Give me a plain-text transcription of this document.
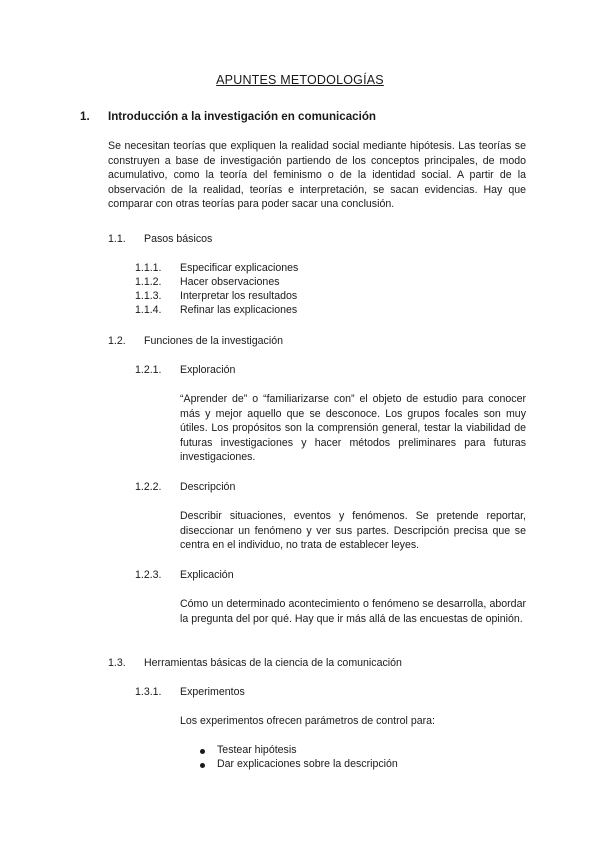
APUNTES METODOLOGÍAS
1. Introducción a la investigación en comunicación
Se necesitan teorías que expliquen la realidad social mediante hipótesis. Las teorías se construyen a base de investigación partiendo de los conceptos principales, de modo acumulativo, como la teoría del feminismo o de la identidad social. A partir de la observación de la realidad, teorías e interpretación, se sacan evidencias. Hay que comparar con otras teorías para poder sacar una conclusión.
1.1. Pasos básicos
1.1.1. Especificar explicaciones
1.1.2. Hacer observaciones
1.1.3. Interpretar los resultados
1.1.4. Refinar las explicaciones
1.2. Funciones de la investigación
1.2.1. Exploración
“Aprender de” o “familiarizarse con” el objeto de estudio para conocer más y mejor aquello que se desconoce. Los grupos focales son muy útiles. Los propósitos son la comprensión general, testar la viabilidad de futuras investigaciones y hacer métodos preliminares para futuras investigaciones.
1.2.2. Descripción
Describir situaciones, eventos y fenómenos. Se pretende reportar, diseccionar un fenómeno y ver sus partes. Descripción precisa que se centra en el individuo, no trata de establecer leyes.
1.2.3. Explicación
Cómo un determinado acontecimiento o fenómeno se desarrolla, abordar la pregunta del por qué. Hay que ir más allá de las encuestas de opinión.
1.3. Herramientas básicas de la ciencia de la comunicación
1.3.1. Experimentos
Los experimentos ofrecen parámetros de control para:
Testear hipótesis
Dar explicaciones sobre la descripción
